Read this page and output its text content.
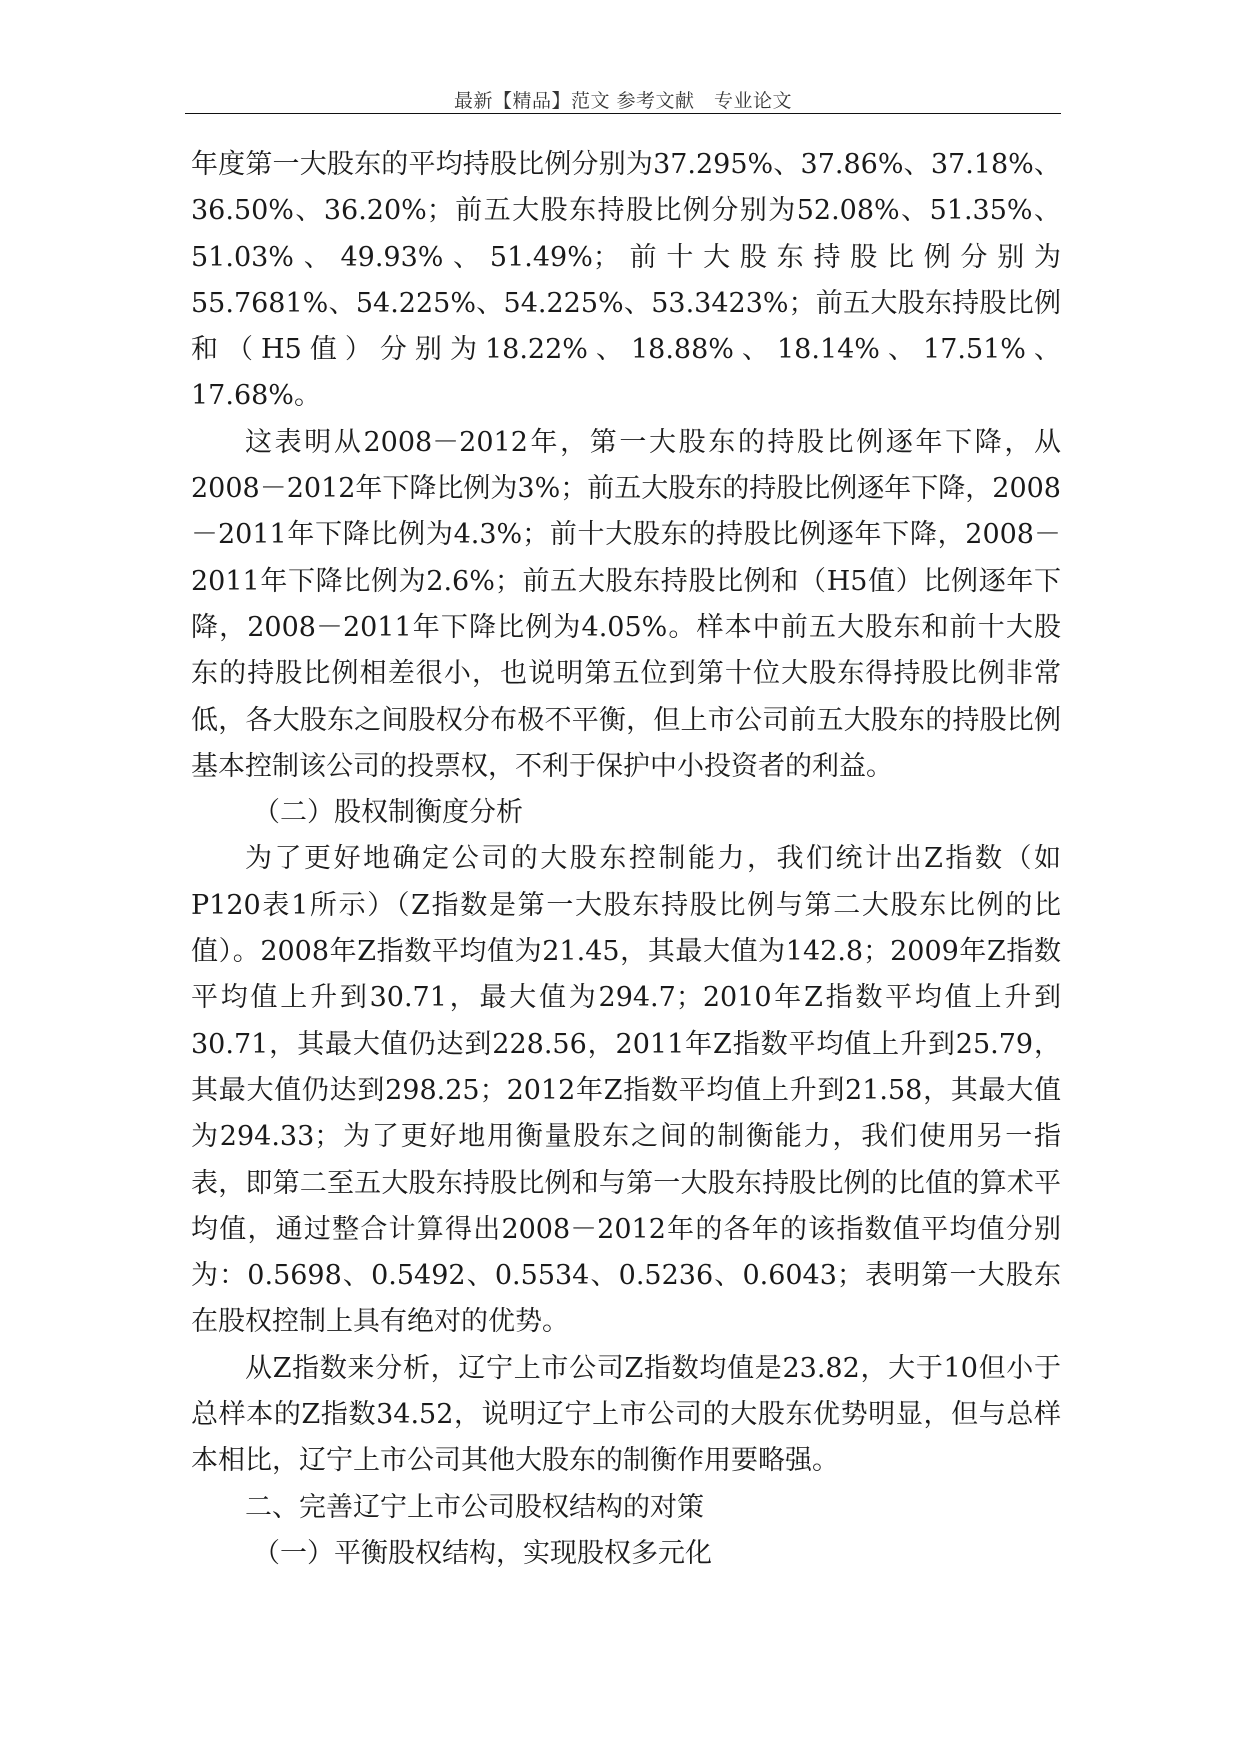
最新【精品】范文 参考文献　专业论文

年度第一大股东的平均持股比例分别为37.295%、37.86%、37.18%、36.50%、36.20%；前五大股东持股比例分别为52.08%、51.35%、51.03%、49.93%、51.49%；前十大股东持股比例分别为55.7681%、54.225%、54.225%、53.3423%；前五大股东持股比例和（H5值）分别为18.22%、18.88%、18.14%、17.51%、17.68%。

这表明从2008－2012年，第一大股东的持股比例逐年下降，从2008－2012年下降比例为3%；前五大股东的持股比例逐年下降，2008－2011年下降比例为4.3%；前十大股东的持股比例逐年下降，2008－2011年下降比例为2.6%；前五大股东持股比例和（H5值）比例逐年下降，2008－2011年下降比例为4.05%。样本中前五大股东和前十大股东的持股比例相差很小，也说明第五位到第十位大股东得持股比例非常低，各大股东之间股权分布极不平衡，但上市公司前五大股东的持股比例基本控制该公司的投票权，不利于保护中小投资者的利益。

（二）股权制衡度分析

为了更好地确定公司的大股东控制能力，我们统计出Z指数（如P120表1所示）（Z指数是第一大股东持股比例与第二大股东比例的比值）。2008年Z指数平均值为21.45，其最大值为142.8；2009年Z指数平均值上升到30.71，最大值为294.7；2010年Z指数平均值上升到30.71，其最大值仍达到228.56，2011年Z指数平均值上升到25.79，其最大值仍达到298.25；2012年Z指数平均值上升到21.58，其最大值为294.33；为了更好地用衡量股东之间的制衡能力，我们使用另一指表，即第二至五大股东持股比例和与第一大股东持股比例的比值的算术平均值，通过整合计算得出2008－2012年的各年的该指数值平均值分别为：0.5698、0.5492、0.5534、0.5236、0.6043；表明第一大股东在股权控制上具有绝对的优势。

从Z指数来分析，辽宁上市公司Z指数均值是23.82，大于10但小于总样本的Z指数34.52，说明辽宁上市公司的大股东优势明显，但与总样本相比，辽宁上市公司其他大股东的制衡作用要略强。

二、完善辽宁上市公司股权结构的对策

（一）平衡股权结构，实现股权多元化
